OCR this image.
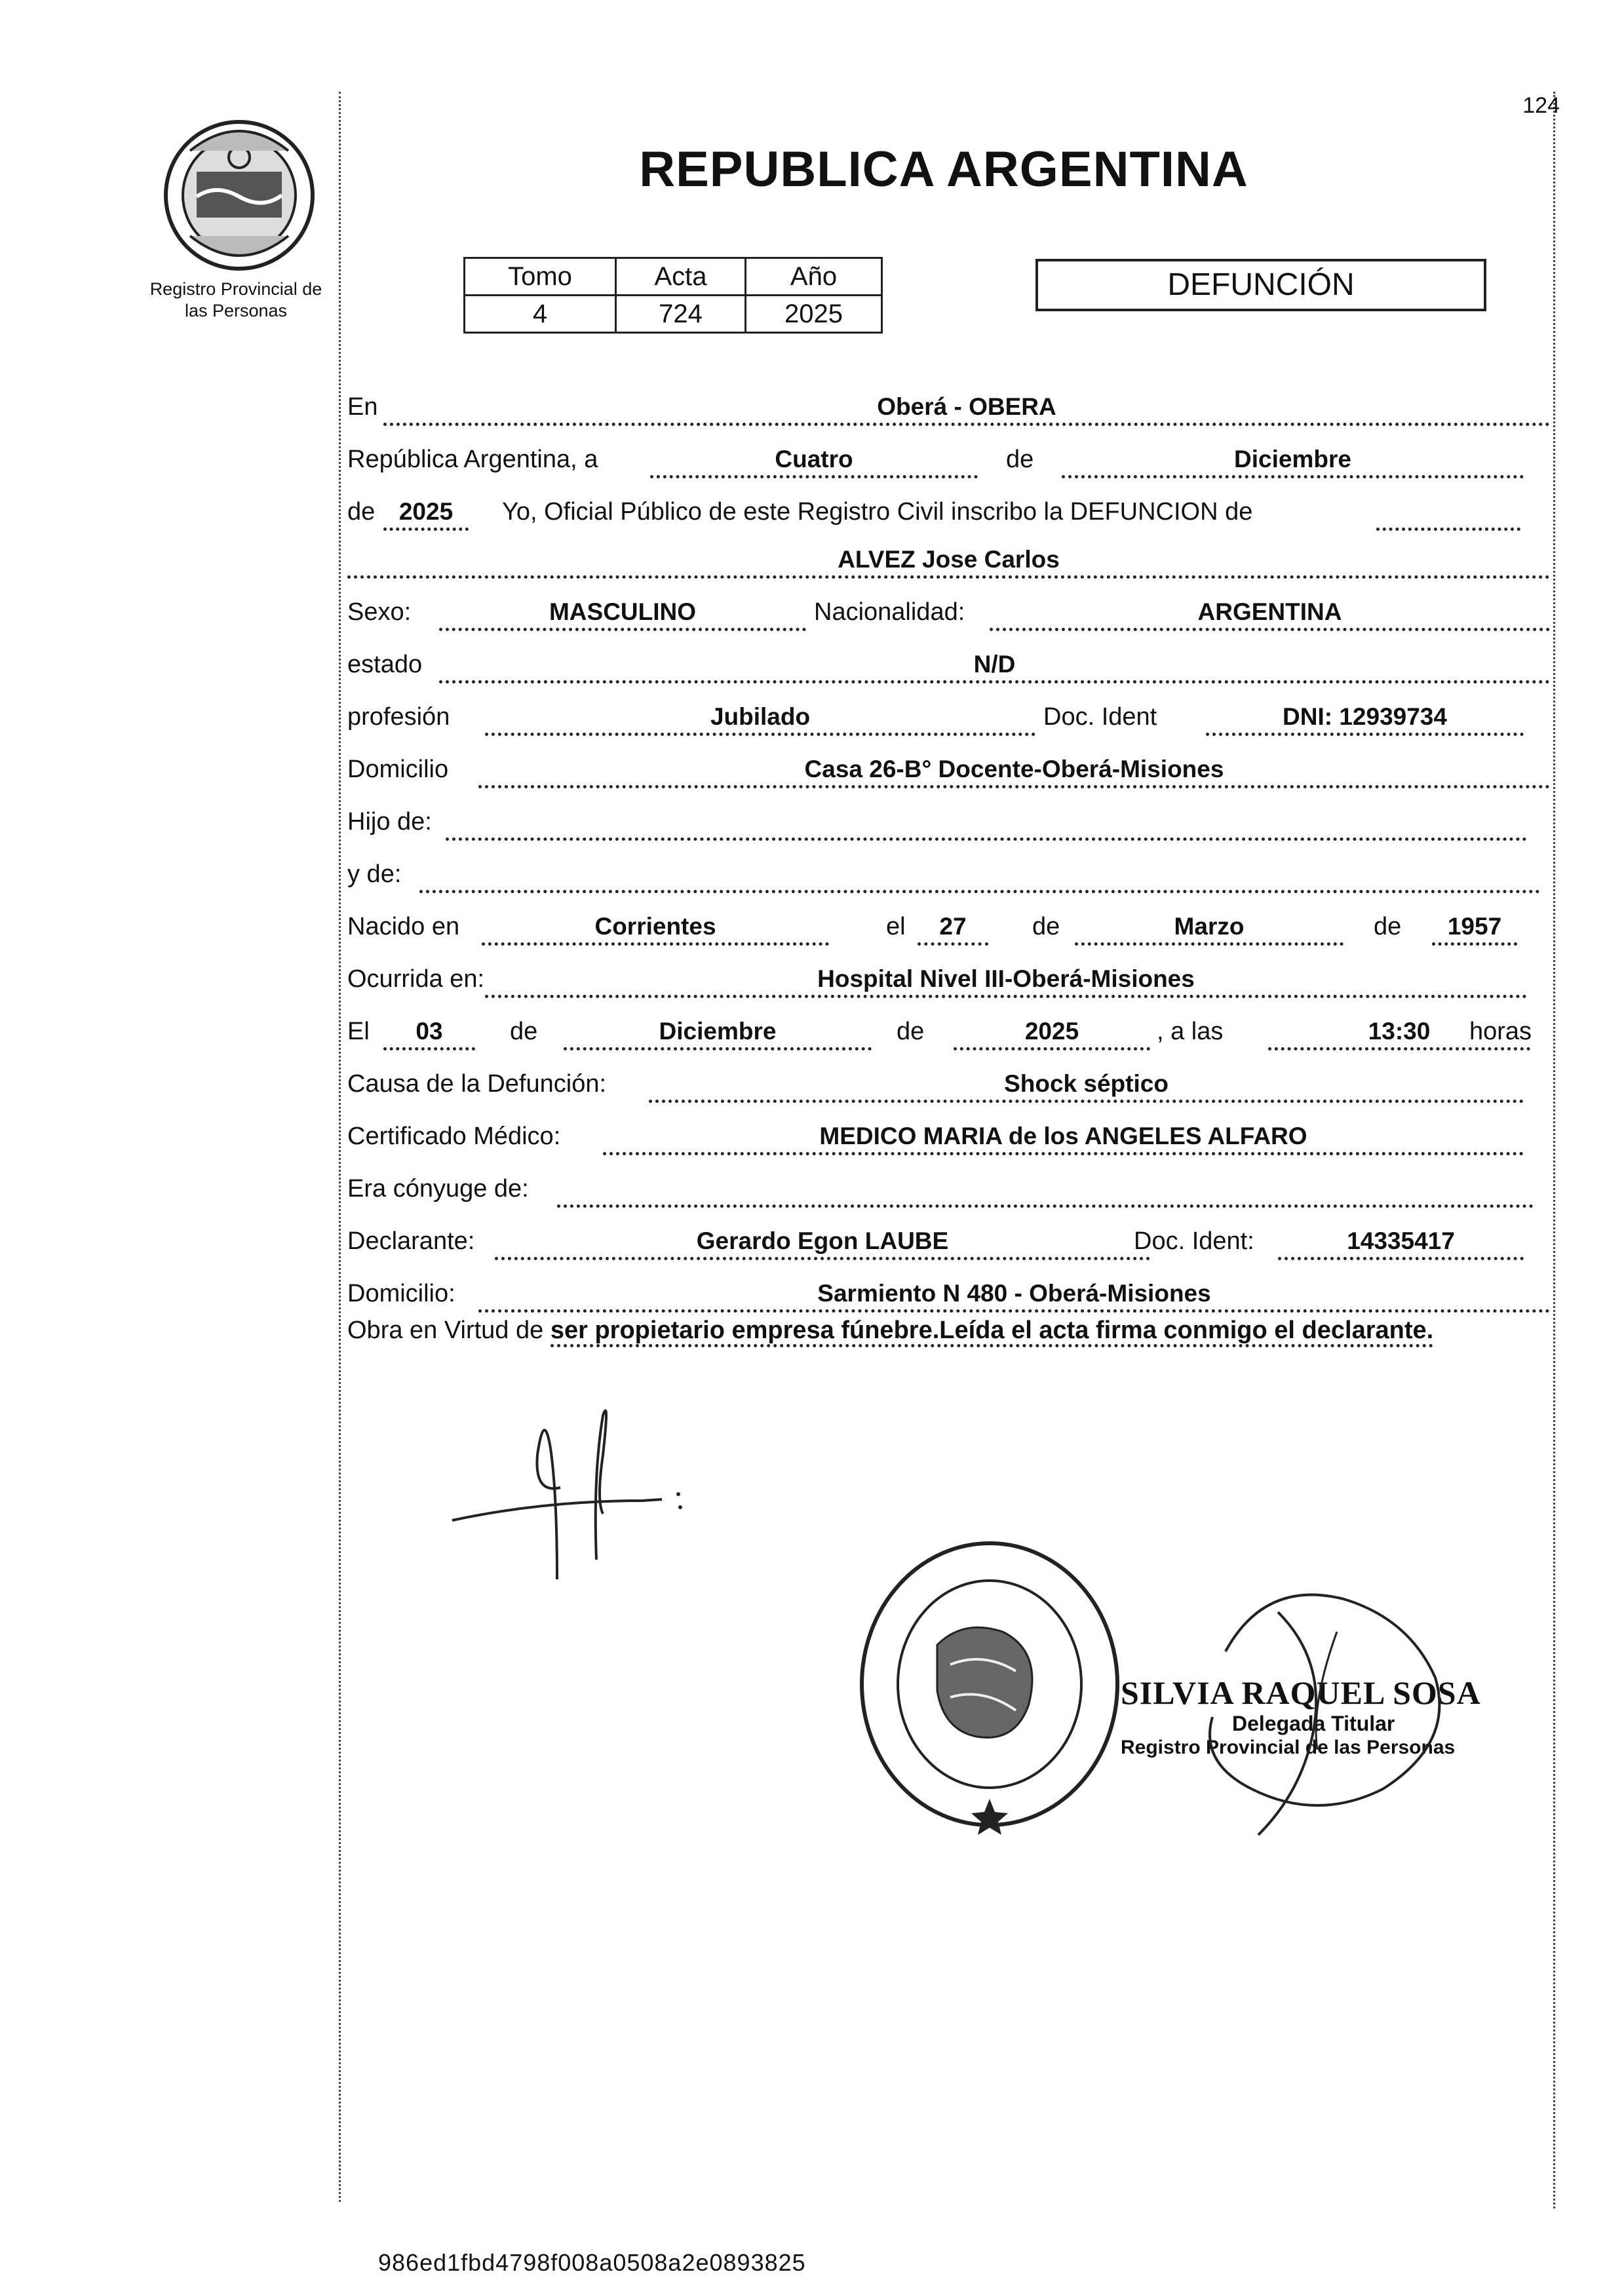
Registro Provincial de
las Personas
124
REPUBLICA ARGENTINA
Tomo	Acta	Año
4	724	2025
DEFUNCIÓN
En	Oberá - OBERA
República Argentina, a	Cuatro	de	Diciembre
de 2025	Yo, Oficial Público de este Registro Civil inscribo la DEFUNCION de
ALVEZ Jose Carlos
Sexo:	MASCULINO	Nacionalidad:	ARGENTINA
estado	N/D
profesión	Jubilado	Doc. Ident	DNI: 12939734
Domicilio	Casa 26-B° Docente-Oberá-Misiones
Hijo de:
y de:
Nacido en	Corrientes	el	27	de	Marzo	de	1957
Ocurrida en:	Hospital Nivel III-Oberá-Misiones
El	03	de	Diciembre	de	2025	, a las	13:30	horas
Causa de la Defunción:	Shock séptico
Certificado Médico:	MEDICO MARIA de los ANGELES ALFARO
Era cónyuge de:
Declarante:	Gerardo Egon LAUBE	Doc. Ident:	14335417
Domicilio:	Sarmiento N 480 - Oberá-Misiones
Obra en Virtud de ser propietario empresa fúnebre.Leída el acta firma conmigo el declarante.
SILVIA RAQUEL SOSA
Delegada Titular
Registro Provincial de las Personas
986ed1fbd4798f008a0508a2e0893825
